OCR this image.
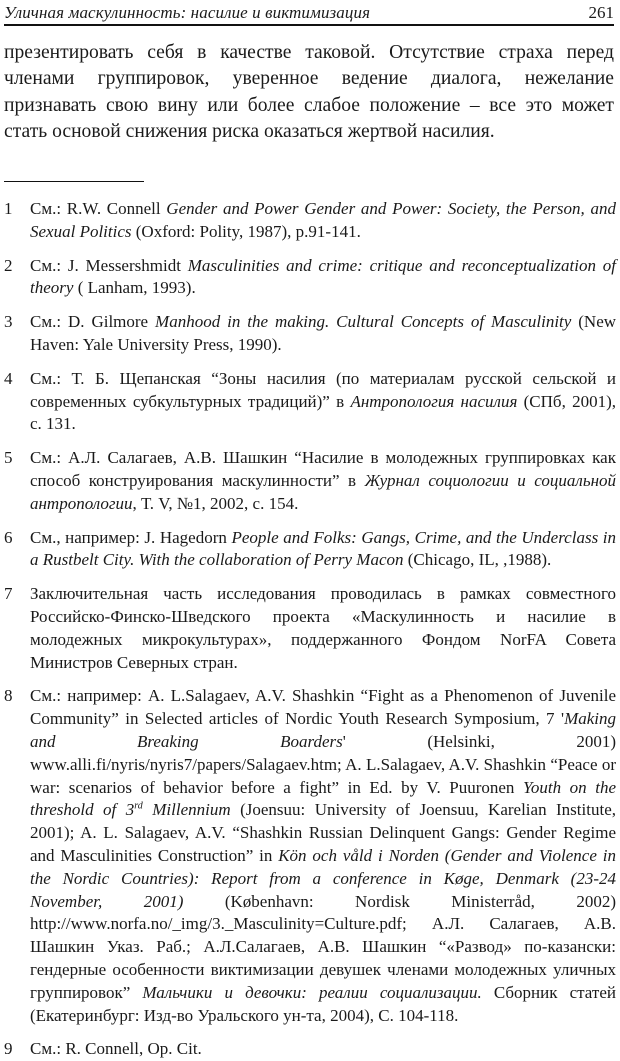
Уличная маскулинность: насилие и виктимизация	261

презентировать себя в качестве таковой. Отсутствие страха перед членами группировок, уверенное ведение диалога, нежелание признавать свою вину или более слабое положение – все это может стать основой снижения риска оказаться жертвой насилия.

1	См.: R.W. Connell Gender and Power Gender and Power: Society, the Person, and Sexual Politics (Oxford: Polity, 1987), p.91-141.
2	См.: J. Messershmidt Masculinities and crime: critique and reconceptualization of theory ( Lanham, 1993).
3	См.: D. Gilmore Manhood in the making. Cultural Concepts of Masculinity (New Haven: Yale University Press, 1990).
4	См.: Т. Б. Щепанская “Зоны насилия (по материалам русской сельской и современных субкультурных традиций)” в Антропология насилия (СПб, 2001), с. 131.
5	См.: А.Л. Салагаев, А.В. Шашкин “Насилие в молодежных группировках как способ конструирования маскулинности” в Журнал социологии и социальной антропологии, Т. V, №1, 2002, с. 154.
6	См., например: J. Hagedorn People and Folks: Gangs, Crime, and the Underclass in a Rustbelt City. With the collaboration of Perry Macon (Chicago, IL, ,1988).
7	Заключительная часть исследования проводилась в рамках совместного Российско-Финско-Шведского проекта «Маскулинность и насилие в молодежных микрокультурах», поддержанного Фондом NorFA Совета Министров Северных стран.
8	См.: например: A. L.Salagaev, A.V. Shashkin “Fight as a Phenomenon of Juvenile Community” in Selected articles of Nordic Youth Research Symposium, 7 'Making and Breaking Boarders' (Helsinki, 2001) www.alli.fi/nyris/nyris7/papers/Salagaev.htm; A. L.Salagaev, A.V. Shashkin “Peace or war: scenarios of behavior before a fight” in Ed. by V. Puuronen Youth on the threshold of 3rd Millennium (Joensuu: University of Joensuu, Karelian Institute, 2001); A. L. Salagaev, A.V. “Shashkin Russian Delinquent Gangs: Gender Regime and Masculinities Construction” in Kön och våld i Norden (Gender and Violence in the Nordic Countries): Report from a conference in Køge, Denmark (23-24 November, 2001) (København: Nordisk Ministerråd, 2002) http://www.norfa.no/_img/3._Masculinity=Culture.pdf; А.Л. Салагаев, А.В. Шашкин Указ. Раб.; А.Л.Салагаев, А.В. Шашкин “«Развод» по-казански: гендерные особенности виктимизации девушек членами молодежных уличных группировок” Мальчики и девочки: реалии социализации. Сборник статей (Екатеринбург: Изд-во Уральского ун-та, 2004), С. 104-118.
9	См.: R. Connell, Op. Cit.
